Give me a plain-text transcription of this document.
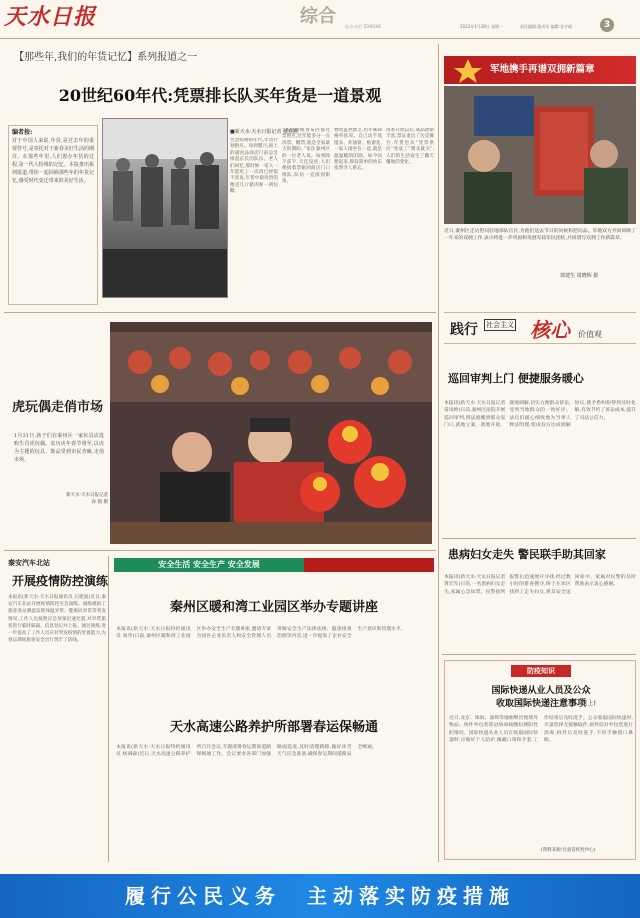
天水日报	综合 综合·专栏 ZONGHE	2022年1月28日 星期一	责任编辑:蒲成军 编辑:张宇晴	3
【那些年,我们的年货记忆】系列报道之一
20世纪60年代:凭票排长队买年货是一道景观
编者按:
对于中国人来说,年货,是过去年的重要符号,是寄托对于新春美好生活的期许。在那些年里,人们置办年货的过程,是一代人特殊的记忆。本报推出系列报道,带你一起回顾那些年的年货记忆,感受时代变迁带来的美好生活。
■新天水·天水日报记者 蔡春燕
凭票购物的年代,年货计划供应。每到腊月,街上的副食品商店门前总会排起长长的队伍。老人们回忆,那时候一家人一年能吃上一次肉已经很不容易,年货中最珍贵的便是几斤猪肉和一两包糖。
“那时候粮食布匹都凭票供应,过年能多分一点肉票、糖票,就是全家最大的期盼。”家住秦州区的一位老人说。每到除夕前夕,天还没亮,人们便揣着票据到商店门口排队,队伍一直排到街角。
物资虽然匮乏,但年味却格外浓厚。自己动手蒸馒头、炸油饼、贴窗花,一家人围坐在一起,就是最温暖的团圆。如今回想起来,那份简单的快乐依然令人难忘。
改革开放以后,商品逐渐丰富,票证退出了历史舞台,年货也从“凭票供应”变成了“想买就买”,人们的生活发生了翻天覆地的变化。
虎玩偶走俏市场
1月31日,孩子们在秦州区一家玩具店选购生肖虎玩偶。农历虎年春节将至,以虎为主题的玩具、饰品受到市民青睐,走俏市场。
新天水·天水日报记者
孙 镇 摄
秦安汽车北站
开展疫情防控演练
本报讯(新天水·天水日报通讯员 石建波)近日,秦安汽车北站开展疫情防控应急演练。演练模拟了旅客进站测温发现体温异常、健康码异常等突发情况,工作人员按照应急预案迅速处置,对异常旅客进行临时隔离、信息登记并上报。通过演练,进一步提高了工作人员应对突发疫情的处置能力,为春运期间旅客安全出行筑牢了防线。
安全生活 安全生产 安全发展
秦州区暖和湾工业园区举办专题讲座
本报讯(新天水·天水日报特约通讯员 刘华)日前,秦州区暖和湾工业园区举办安全生产专题讲座,邀请专家为园区企业负责人和安全管理人员讲解安全生产法律法规、隐患排查治理等内容,进一步提高了企业安全生产意识和管理水平。
天水高速公路养护所部署春运保畅通
本报讯(新天水·天水日报特约通讯员 杨满森)近日,天水高速公路养护所召开会议,专题部署春运期间道路保畅通工作。会议要求各部门加强路面巡查,及时清理路障,做好冰雪天气应急准备,确保春运期间道路安全畅通。
军地携手再谱双拥新篇章
近日,秦州区走访慰问驻地部队官兵,为他们送去节日的问候和慰问品。军地双方共同回顾了一年来的双拥工作,表示将进一步巩固和发展军政军民团结,共同谱写双拥工作新篇章。
郭建生 周晓辉 摄
践行 社会主义 核心 价值观
巡回审判上门 便捷服务暖心
本报讯(新天水·天水日报记者 雷雨婷)日前,秦州区法院开展巡回审判,将法庭搬到群众家门口,就地立案、就地开庭、就地调解,切实方便群众诉讼,受到当地群众的一致好评。法官们耐心细致地为当事人释法明理,促成双方达成调解协议,使矛盾纠纷得到及时化解,有效节约了诉讼成本,提升了司法公信力。
患病妇女走失 警民联手助其回家
本报讯(新天水·天水日报记者 黄宏军)日前,一名患病妇女走失,家属心急如焚。民警接到报警后迅速展开寻找,经过数小时的排查搜寻,终于在郊区找到了走失妇女,将其安全送回家中。家属对民警的及时帮助表示衷心感谢。
防疫知识
国际快递从业人员及公众
收取国际快递注意事项 (上)
近日,北京、珠海、深圳等地相继出现境外物品、快件外包装新冠病毒核酸检测阳性的情况。国际快递从业人员在收取国际快递时,应做好个人防护,佩戴口罩和手套,工作结束后及时洗手。公众收取国际快递时,尽量选择无接触取件,拆件前对外包装进行消毒,拆件后及时洗手,不用手触摸口鼻眼。
(资料来源:甘肃省疾控中心)
履行公民义务  主动落实防疫措施
